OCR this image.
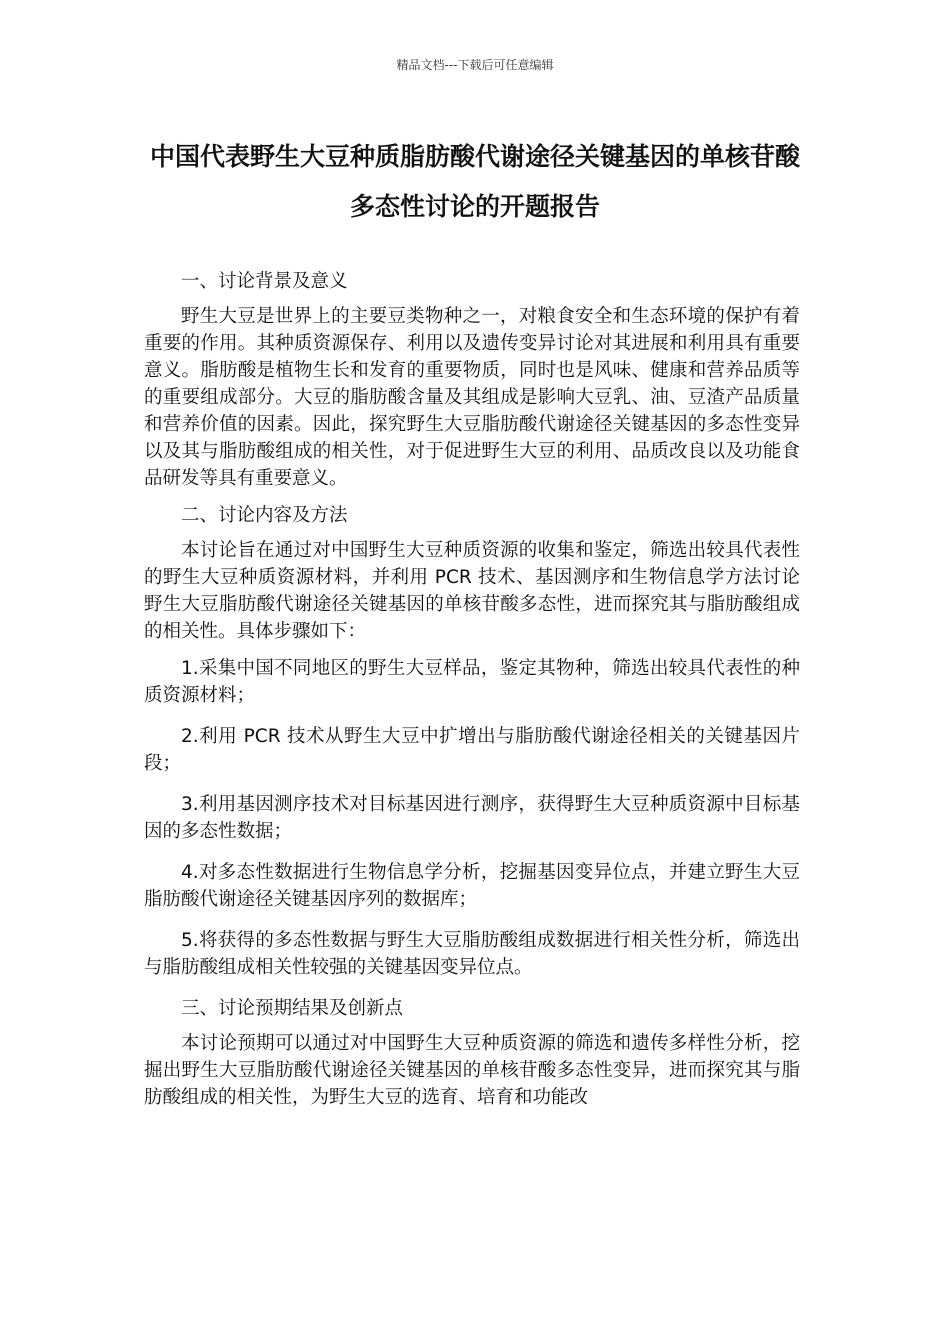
精品文档---下载后可任意编辑
中国代表野生大豆种质脂肪酸代谢途径关键基因的单核苷酸多态性讨论的开题报告

一、讨论背景及意义

野生大豆是世界上的主要豆类物种之一，对粮食安全和生态环境的保护有着重要的作用。其种质资源保存、利用以及遗传变异讨论对其进展和利用具有重要意义。脂肪酸是植物生长和发育的重要物质，同时也是风味、健康和营养品质等的重要组成部分。大豆的脂肪酸含量及其组成是影响大豆乳、油、豆渣产品质量和营养价值的因素。因此，探究野生大豆脂肪酸代谢途径关键基因的多态性变异以及其与脂肪酸组成的相关性，对于促进野生大豆的利用、品质改良以及功能食品研发等具有重要意义。

二、讨论内容及方法

本讨论旨在通过对中国野生大豆种质资源的收集和鉴定，筛选出较具代表性的野生大豆种质资源材料，并利用 PCR 技术、基因测序和生物信息学方法讨论野生大豆脂肪酸代谢途径关键基因的单核苷酸多态性，进而探究其与脂肪酸组成的相关性。具体步骤如下：

1.采集中国不同地区的野生大豆样品，鉴定其物种，筛选出较具代表性的种质资源材料；

2.利用 PCR 技术从野生大豆中扩增出与脂肪酸代谢途径相关的关键基因片段；

3.利用基因测序技术对目标基因进行测序，获得野生大豆种质资源中目标基因的多态性数据；

4.对多态性数据进行生物信息学分析，挖掘基因变异位点，并建立野生大豆脂肪酸代谢途径关键基因序列的数据库；

5.将获得的多态性数据与野生大豆脂肪酸组成数据进行相关性分析，筛选出与脂肪酸组成相关性较强的关键基因变异位点。

三、讨论预期结果及创新点

本讨论预期可以通过对中国野生大豆种质资源的筛选和遗传多样性分析，挖掘出野生大豆脂肪酸代谢途径关键基因的单核苷酸多态性变异，进而探究其与脂肪酸组成的相关性，为野生大豆的选育、培育和功能改
